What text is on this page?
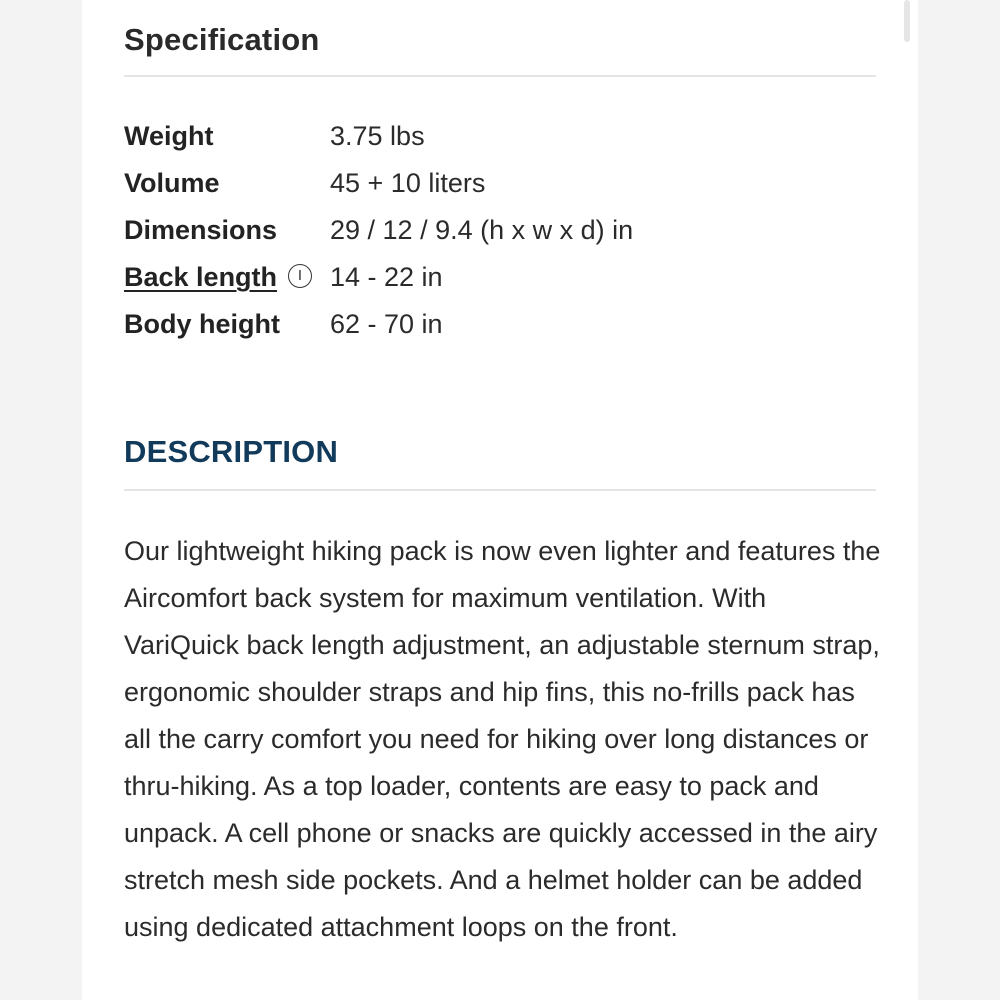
Specification
Weight	3.75 lbs
Volume	45 + 10 liters
Dimensions 29 / 12 / 9.4 (h x w x d) in
Back length	I	14 - 22 in
Body height 62 - 70 in
DESCRIPTION

Our lightweight hiking pack is now even lighter and features the Aircomfort back system for maximum ventilation. With VariQuick back length adjustment, an adjustable sternum strap, ergonomic shoulder straps and hip fins, this no-frills pack has all the carry comfort you need for hiking over long distances or thru-hiking. As a top loader, contents are easy to pack and unpack. A cell phone or snacks are quickly accessed in the airy stretch mesh side pockets. And a helmet holder can be added using dedicated attachment loops on the front.
